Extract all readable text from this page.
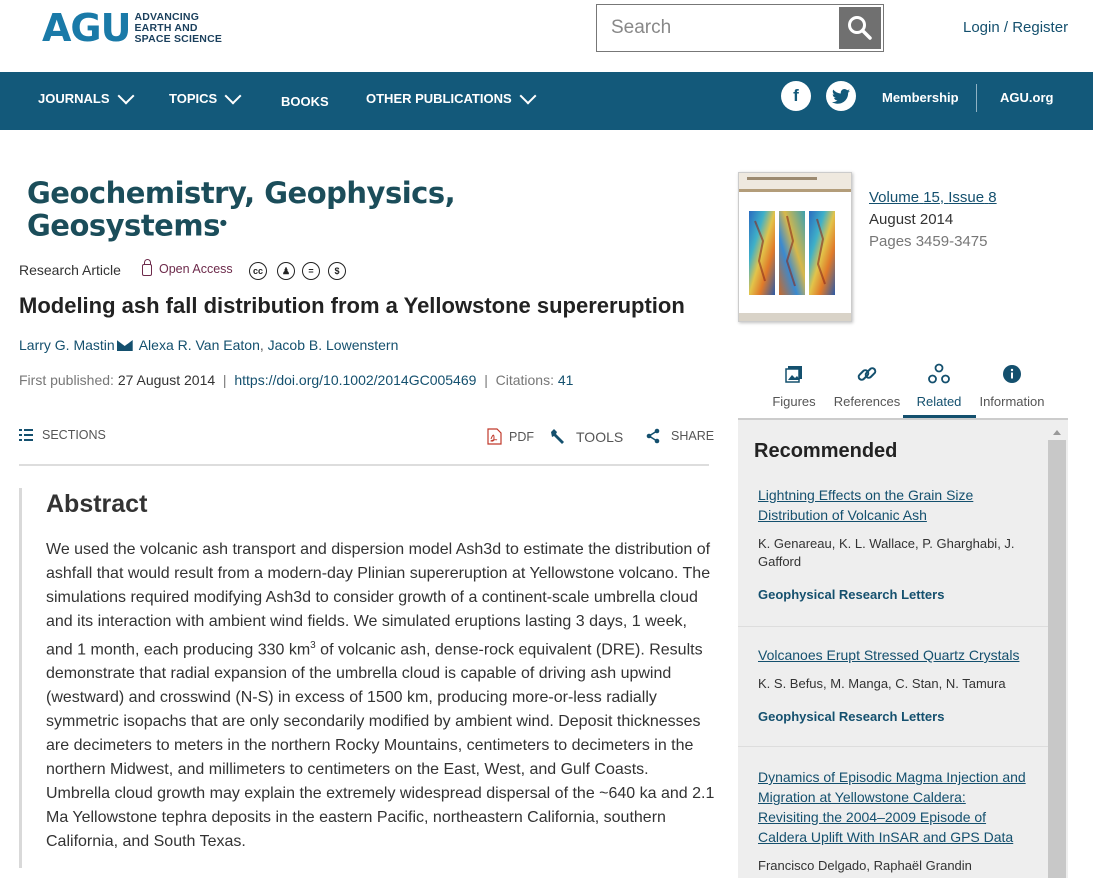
AGU ADVANCING
EARTH AND
SPACE SCIENCE
Search
Login / Register
JOURNALS	TOPICS	BOOKS	OTHER PUBLICATIONS	f	Membership	AGU.org
Geochemistry, Geophysics,
Geosystems●
Research Article	Open Access	cc	♟	=	$
Modeling ash fall distribution from a Yellowstone supereruption
Larry G. Mastin Alexa R. Van Eaton, Jacob B. Lowenstern
First published: 27 August 2014  |  https://doi.org/10.1002/2014GC005469  |  Citations: 41
SECTIONS	PDF	TOOLS	SHARE
Abstract

We used the volcanic ash transport and dispersion model Ash3d to estimate the distribution of ashfall that would result from a modern-day Plinian supereruption at Yellowstone volcano. The simulations required modifying Ash3d to consider growth of a continent-scale umbrella cloud and its interaction with ambient wind fields. We simulated eruptions lasting 3 days, 1 week, and 1 month, each producing 330 $km^3$ of volcanic ash, dense-rock equivalent (DRE). Results demonstrate that radial expansion of the umbrella cloud is capable of driving ash upwind (westward) and crosswind (N-S) in excess of 1500 km, producing more-or-less radially symmetric isopachs that are only secondarily modified by ambient wind. Deposit thicknesses are decimeters to meters in the northern Rocky Mountains, centimeters to decimeters in the northern Midwest, and millimeters to centimeters on the East, West, and Gulf Coasts. Umbrella cloud growth may explain the extremely widespread dispersal of the ~640 ka and 2.1 Ma Yellowstone tephra deposits in the eastern Pacific, northeastern California, southern California, and South Texas.

Volume 15, Issue 8
August 2014
Pages 3459-3475
Figures	References	Related	Information
Recommended
Lightning Effects on the Grain Size Distribution of Volcanic Ash
K. Genareau, K. L. Wallace, P. Gharghabi, J. Gafford
Geophysical Research Letters
Volcanoes Erupt Stressed Quartz Crystals
K. S. Befus, M. Manga, C. Stan, N. Tamura
Geophysical Research Letters
Dynamics of Episodic Magma Injection and Migration at Yellowstone Caldera: Revisiting the 2004–2009 Episode of Caldera Uplift With InSAR and GPS Data
Francisco Delgado, Raphaël Grandin
